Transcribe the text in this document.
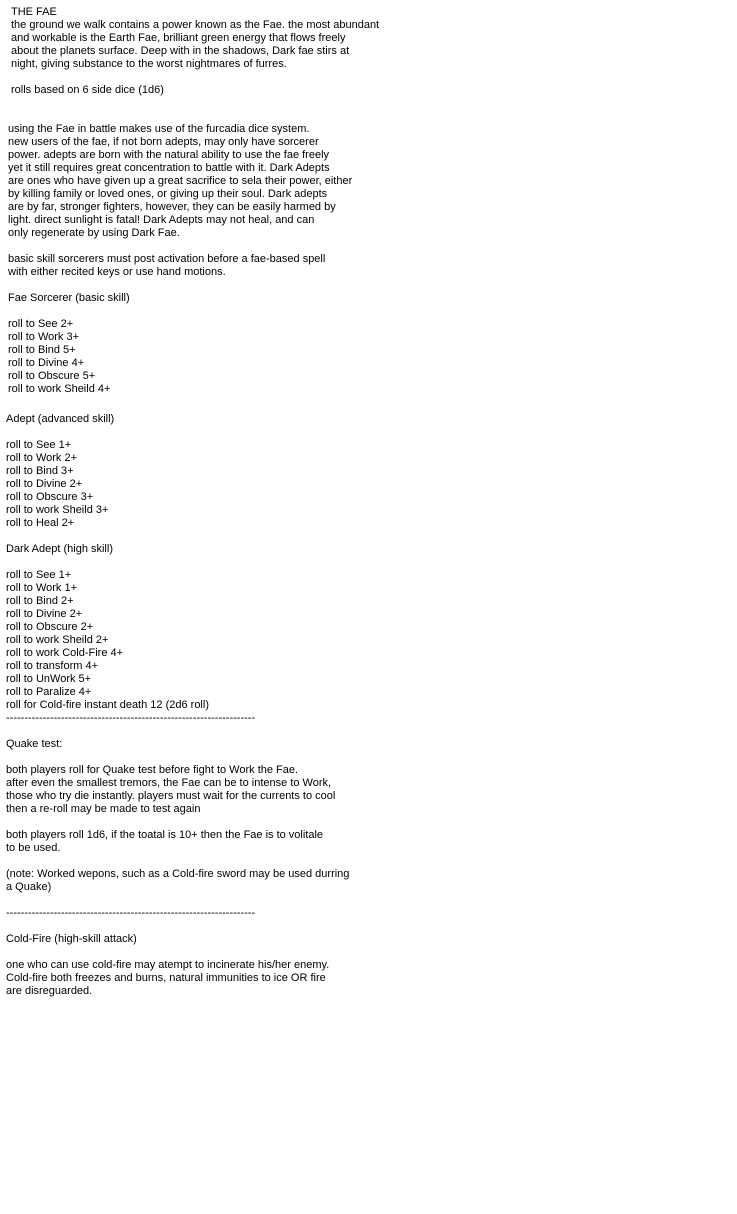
THE FAE
the ground we walk contains a power known as the Fae. the most abundant
and workable is the Earth Fae, brilliant green energy that flows freely
about the planets surface. Deep with in the shadows, Dark fae stirs at
night, giving substance to the worst nightmares of furres.
rolls based on 6 side dice (1d6)
using the Fae in battle makes use of the furcadia dice system.
new users of the fae, if not born adepts, may only have sorcerer
power. adepts are born with the natural ability to use the fae freely
yet it still requires great concentration to battle with it. Dark Adepts
are ones who have given up a great sacrifice to sela their power, either
by killing family or loved ones, or giving up their soul. Dark adepts
are by far, stronger fighters, however, they can be easily harmed by
light. direct sunlight is fatal! Dark Adepts may not heal, and can
only regenerate by using Dark Fae.
basic skill sorcerers must post activation before a fae-based spell
with either recited keys or use hand motions.
Fae Sorcerer (basic skill)
roll to See 2+
roll to Work 3+
roll to Bind 5+
roll to Divine 4+
roll to Obscure 5+
roll to work Sheild 4+
Adept (advanced skill)
roll to See 1+
roll to Work 2+
roll to Bind 3+
roll to Divine 2+
roll to Obscure 3+
roll to work Sheild 3+
roll to Heal 2+
Dark Adept (high skill)
roll to See 1+
roll to Work 1+
roll to Bind 2+
roll to Divine 2+
roll to Obscure 2+
roll to work Sheild 2+
roll to work Cold-Fire 4+
roll to transform 4+
roll to UnWork 5+
roll to Paralize 4+
roll for Cold-fire instant death 12 (2d6 roll)
--------------------------------------------------------------------
Quake test:
both players roll for Quake test before fight to Work the Fae.
after even the smallest tremors, the Fae can be to intense to Work,
those who try die instantly. players must wait for the currents to cool
then a re-roll may be made to test again
both players roll 1d6, if the toatal is 10+ then the Fae is to volitale
to be used.
(note: Worked wepons, such as a Cold-fire sword may be used durring
a Quake)
--------------------------------------------------------------------
Cold-Fire (high-skill attack)
one who can use cold-fire may atempt to incinerate his/her enemy.
Cold-fire both freezes and burns, natural immunities to ice OR fire
are disreguarded.
